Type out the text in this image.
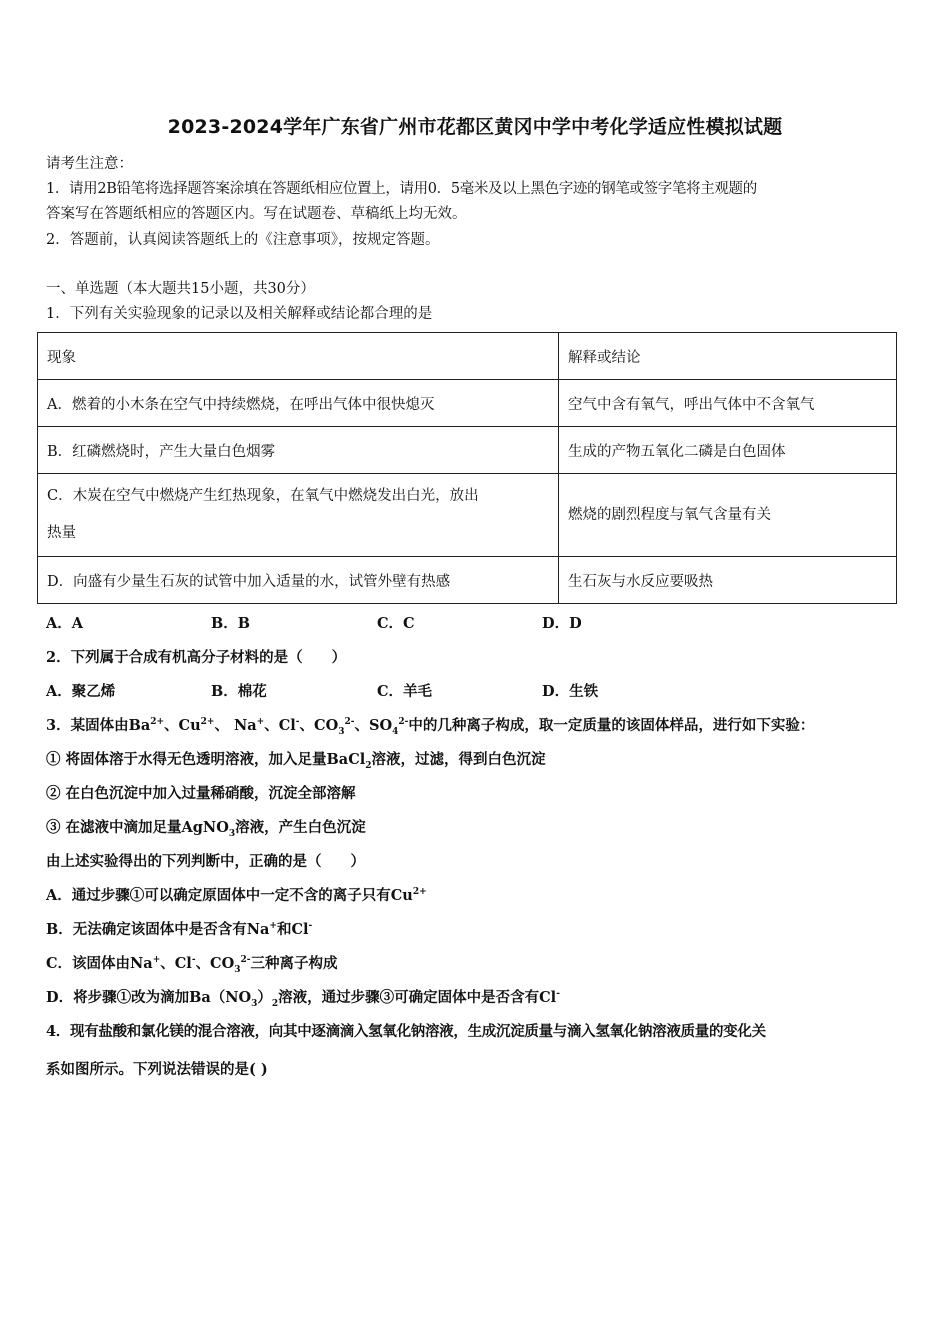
2023-2024学年广东省广州市花都区黄冈中学中考化学适应性模拟试题
请考生注意：
1．请用2B铅笔将选择题答案涂填在答题纸相应位置上，请用0．5毫米及以上黑色字迹的钢笔或签字笔将主观题的
答案写在答题纸相应的答题区内。写在试题卷、草稿纸上均无效。
2．答题前，认真阅读答题纸上的《注意事项》，按规定答题。
一、单选题（本大题共15小题，共30分）
1．下列有关实验现象的记录以及相关解释或结论都合理的是
现象	解释或结论
A．燃着的小木条在空气中持续燃烧，在呼出气体中很快熄灭	空气中含有氧气，呼出气体中不含氧气
B．红磷燃烧时，产生大量白色烟雾	生成的产物五氧化二磷是白色固体
C．木炭在空气中燃烧产生红热现象，在氧气中燃烧发出白光，放出
热量	燃烧的剧烈程度与氧气含量有关
D．向盛有少量生石灰的试管中加入适量的水，试管外壁有热感	生石灰与水反应要吸热
A．A	B．B	C．C	D．D
2．下列属于合成有机高分子材料的是（　　）
A．聚乙烯	B．棉花	C．羊毛	D．生铁
3．某固体由$Ba^{2+}$、$Cu^{2+}$、 Na+、Cl-、$CO_3^{2-}$、$SO_4^{2-}$中的几种离子构成，取一定质量的该固体样品，进行如下实验：
① 将固体溶于水得无色透明溶液，加入足量BaCl$_2$溶液，过滤，得到白色沉淀
② 在白色沉淀中加入过量稀硝酸，沉淀全部溶解
③ 在滤液中滴加足量AgNO$_3$溶液，产生白色沉淀
由上述实验得出的下列判断中，正确的是（　　）
A．通过步骤①可以确定原固体中一定不含的离子只有$Cu^{2+}$
B．无法确定该固体中是否含有Na+和Cl-
C．该固体由Na+、Cl-、$CO_3^{2-}$三种离子构成
D．将步骤①改为滴加$Ba(NO_3)_2$溶液，通过步骤③可确定固体中是否含有Cl-
4．现有盐酸和氯化镁的混合溶液，向其中逐滴滴入氢氧化钠溶液，生成沉淀质量与滴入氢氧化钠溶液质量的变化关
系如图所示。下列说法错误的是( )
